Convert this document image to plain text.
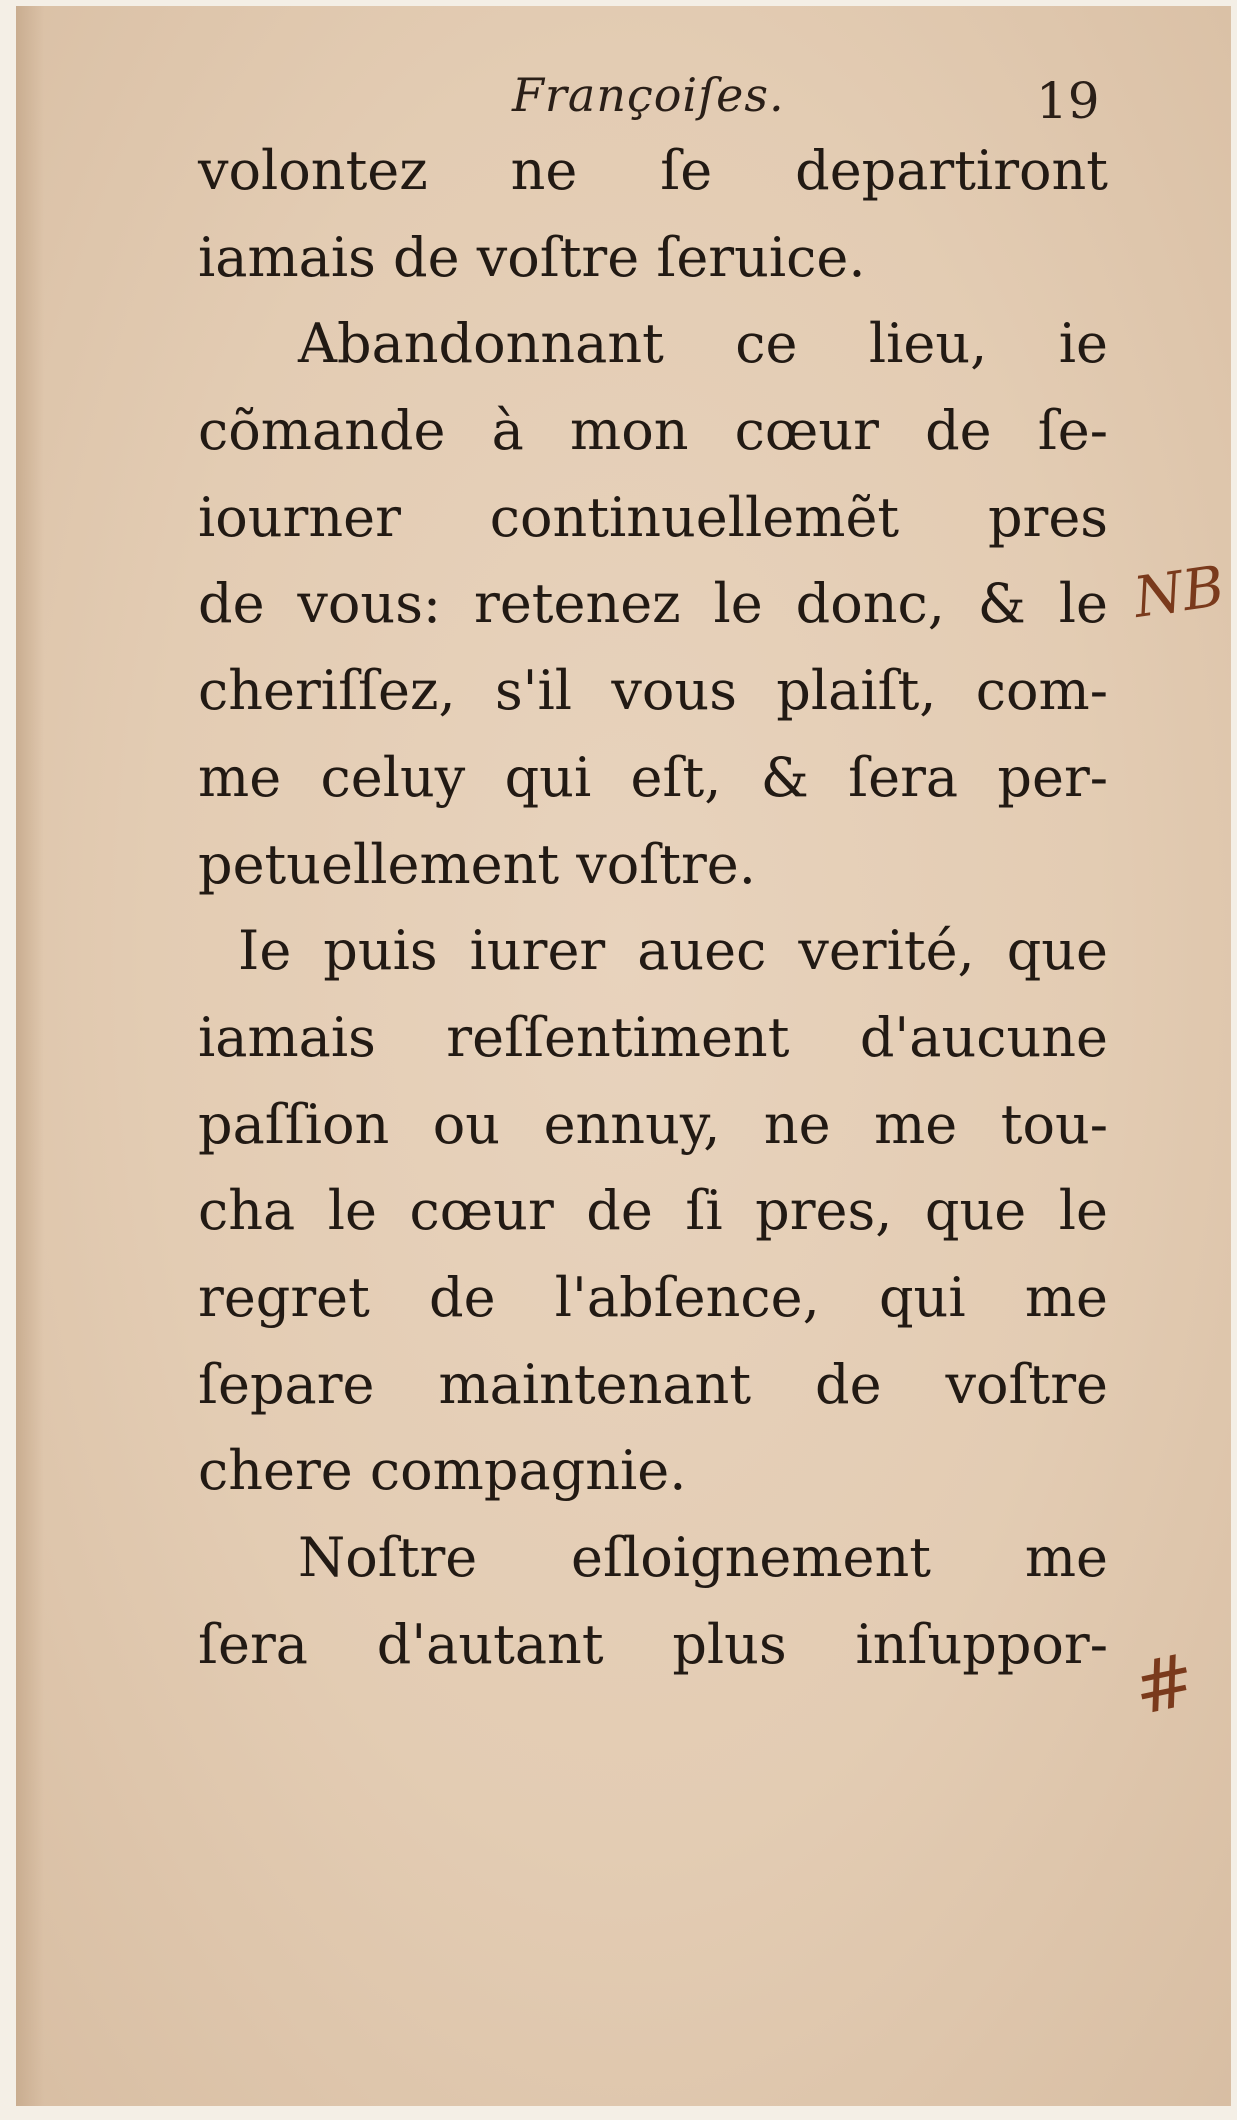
Françoiſes.	19
volontez ne ſe departiront
iamais de voſtre ſeruice.
Abandonnant ce lieu, ie
cõmande à mon cœur de ſe-
iourner continuellemẽt pres
de vous: retenez le donc, & le
cheriſſez, s'il vous plaiſt, com-
me celuy qui eſt, & ſera per-
petuellement voſtre.
Ie puis iurer auec verité, que
iamais reſſentiment d'aucune
paſſion ou ennuy, ne me tou-
cha le cœur de ſi pres, que le
regret de l'abſence, qui me
ſepare maintenant de voſtre
chere compagnie.
Noſtre eſloignement me
ſera d'autant plus inſuppor-
NB
#
